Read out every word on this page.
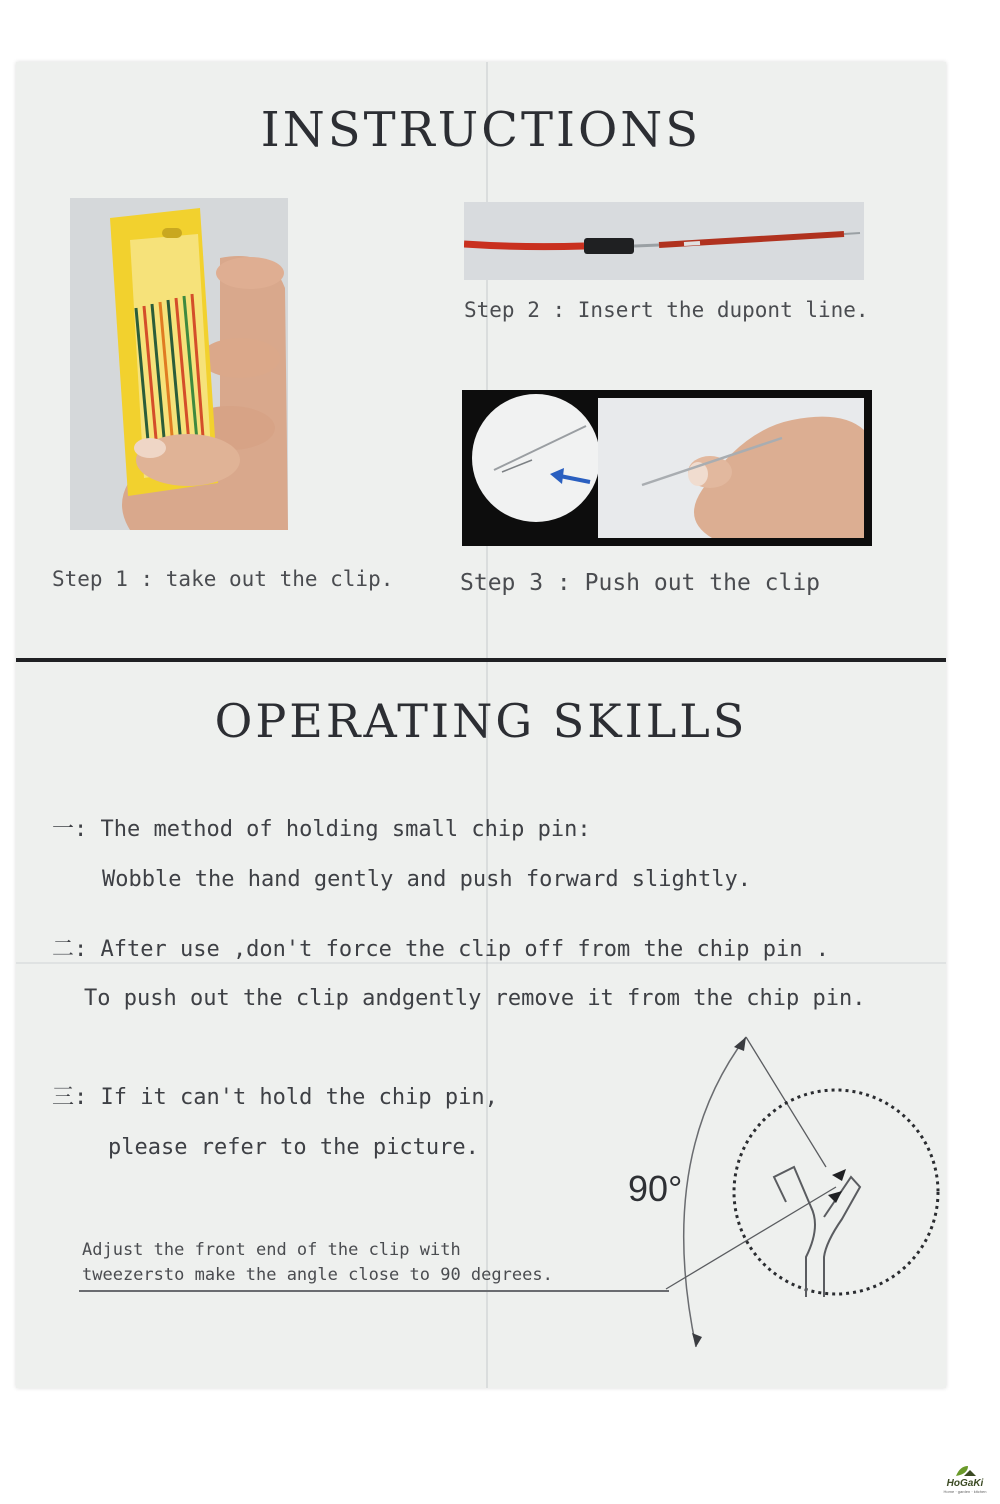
INSTRUCTIONS
Step 1 : take out the clip.
Step 2 : Insert the dupont line.
Step 3 : Push out the clip
OPERATING SKILLS
一: The method of holding small chip pin:
Wobble the hand gently and push forward slightly.
二: After use ,don't force the clip off from the chip pin .
To push out the clip andgently remove it from the chip pin.
三: If it can't hold the chip pin,
please refer to the picture.
Adjust the front end of the clip with
tweezersto make the angle close to 90 degrees.
90°
HoGaKi
Home · garden · kitchen
